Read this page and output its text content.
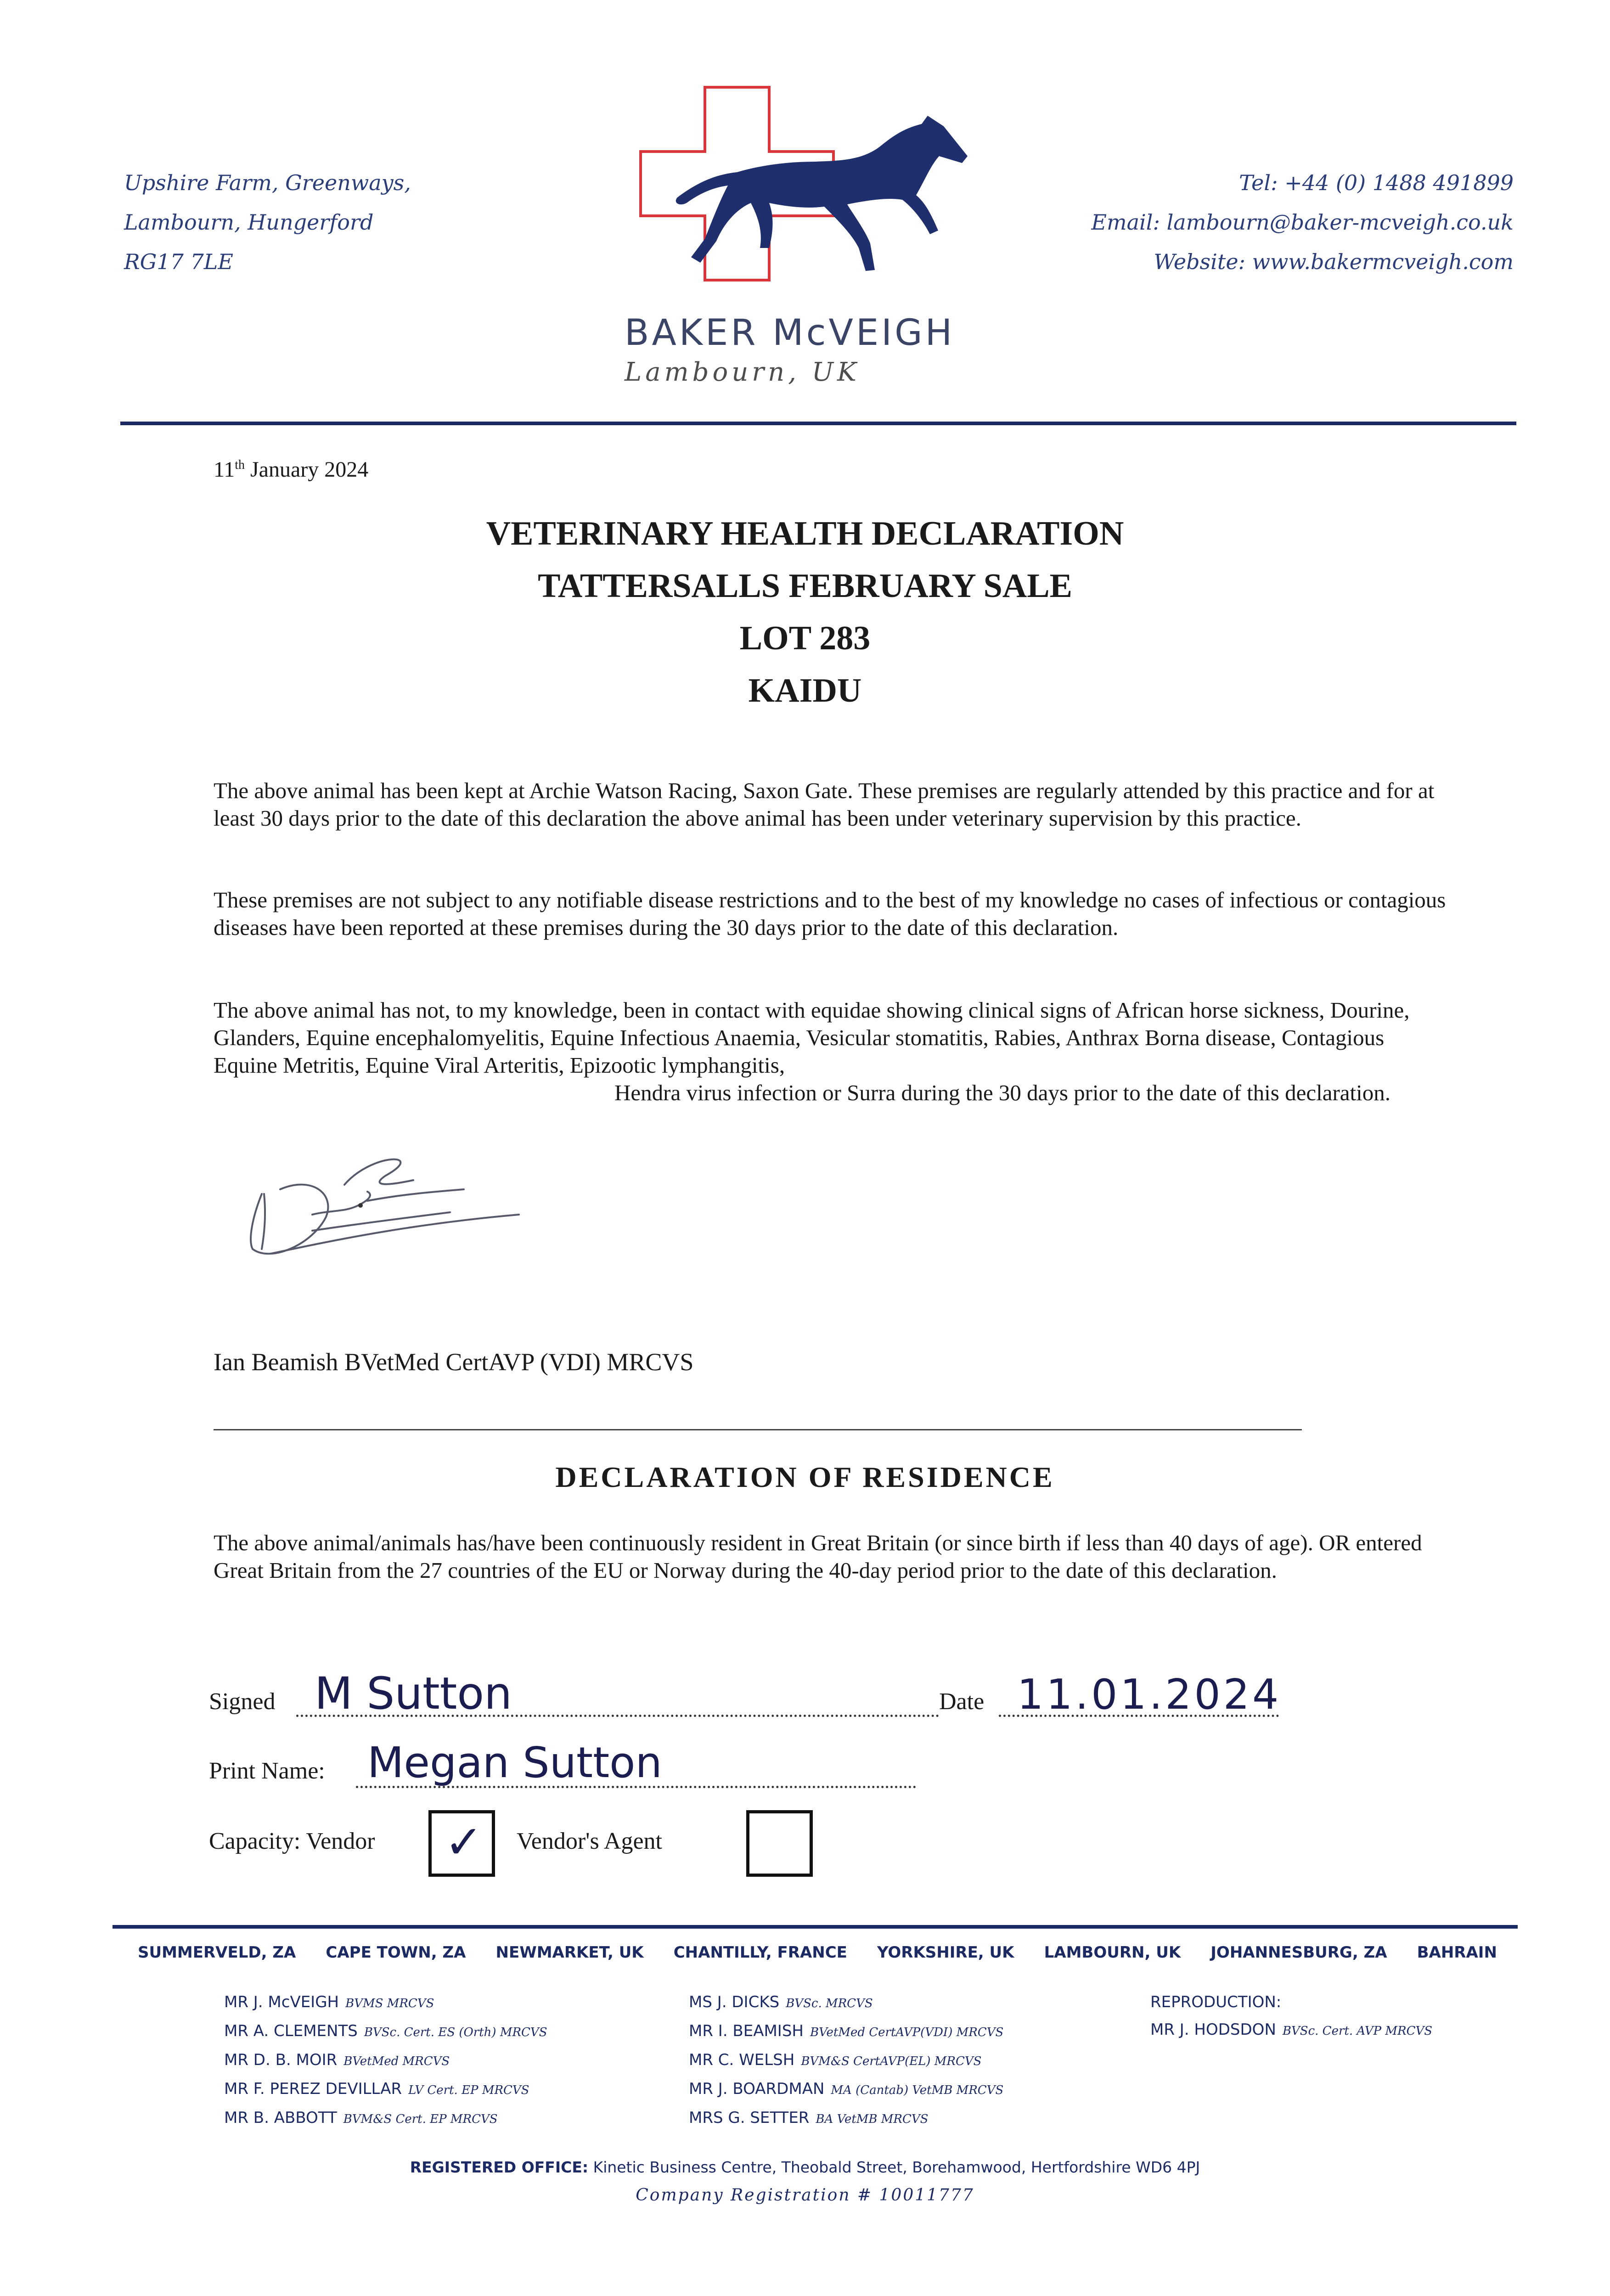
Upshire Farm, Greenways,
Lambourn, Hungerford
RG17 7LE
BAKER McVEIGH
Lambourn, UK
Tel: +44 (0) 1488 491899
Email: lambourn@baker-mcveigh.co.uk
Website: www.bakermcveigh.com
11th January 2024
VETERINARY HEALTH DECLARATION
TATTERSALLS FEBRUARY SALE
LOT 283
KAIDU
The above animal has been kept at Archie Watson Racing, Saxon Gate. These premises are regularly attended by this practice and for at least 30 days prior to the date of this declaration the above animal has been under veterinary supervision by this practice.
These premises are not subject to any notifiable disease restrictions and to the best of my knowledge no cases of infectious or contagious diseases have been reported at these premises during the 30 days prior to the date of this declaration.
The above animal has not, to my knowledge, been in contact with equidae showing clinical signs of African horse sickness, Dourine, Glanders, Equine encephalomyelitis, Equine Infectious Anaemia, Vesicular stomatitis, Rabies, Anthrax Borna disease, Contagious Equine Metritis, Equine Viral Arteritis, Epizootic lymphangitis,
Hendra virus infection or Surra during the 30 days prior to the date of this declaration.
Ian Beamish BVetMed CertAVP (VDI) MRCVS
DECLARATION OF RESIDENCE
The above animal/animals has/have been continuously resident in Great Britain (or since birth if less than 40 days of age). OR entered Great Britain from the 27 countries of the EU or Norway during the 40-day period prior to the date of this declaration.
Signed M Sutton	Date 11.01.2024
Print Name: Megan Sutton
Capacity: Vendor ✓ Vendor's Agent
SUMMERVELD, ZA CAPE TOWN, ZA NEWMARKET, UK CHANTILLY, FRANCE YORKSHIRE, UK LAMBOURN, UK JOHANNESBURG, ZA BAHRAIN
MR J. McVEIGH BVMS MRCVS
MR A. CLEMENTS BVSc. Cert. ES (Orth) MRCVS
MR D. B. MOIR BVetMed MRCVS
MR F. PEREZ DEVILLAR LV Cert. EP MRCVS
MR B. ABBOTT BVM&S Cert. EP MRCVS
MS J. DICKS BVSc. MRCVS
MR I. BEAMISH BVetMed CertAVP(VDI) MRCVS
MR C. WELSH BVM&S CertAVP(EL) MRCVS
MR J. BOARDMAN MA (Cantab) VetMB MRCVS
MRS G. SETTER BA VetMB MRCVS
REPRODUCTION:
MR J. HODSDON BVSc. Cert. AVP MRCVS
REGISTERED OFFICE: Kinetic Business Centre, Theobald Street, Borehamwood, Hertfordshire WD6 4PJ
Company Registration # 10011777
